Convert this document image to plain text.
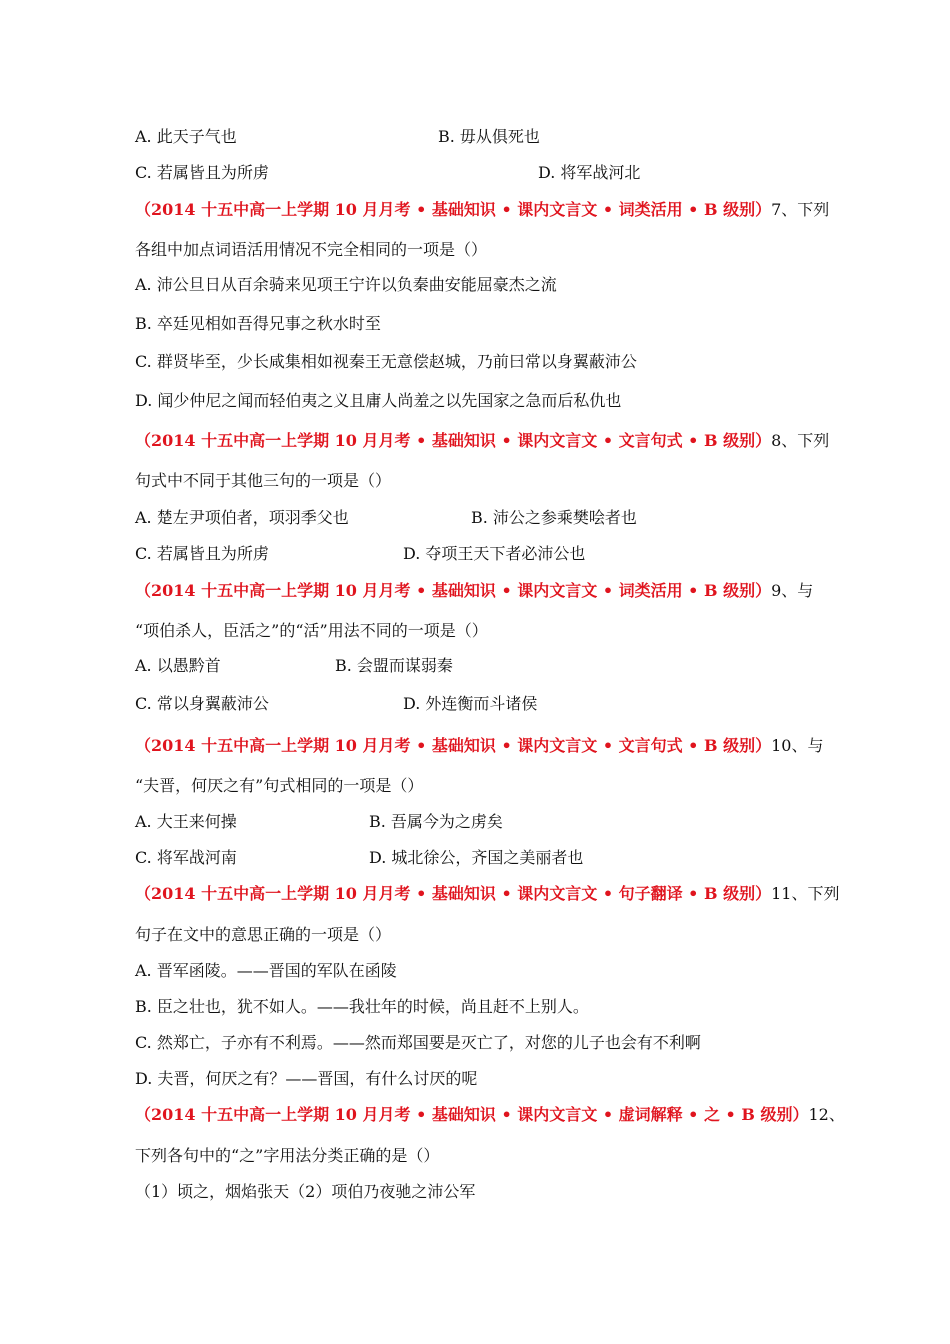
A. 此天子气也	B. 毋从俱死也
C. 若属皆且为所虏	D. 将军战河北
（2014 十五中高一上学期 10 月月考 • 基础知识 • 课内文言文 • 词类活用 • B 级别）7、下列
各组中加点词语活用情况不完全相同的一项是（）
A. 沛公旦日从百余骑来见项王宁许以负秦曲安能屈豪杰之流
B. 卒廷见相如吾得兄事之秋水时至
C. 群贤毕至，少长咸集相如视秦王无意偿赵城，乃前曰常以身翼蔽沛公
D. 闻少仲尼之闻而轻伯夷之义且庸人尚羞之以先国家之急而后私仇也
（2014 十五中高一上学期 10 月月考 • 基础知识 • 课内文言文 • 文言句式 • B 级别）8、下列
句式中不同于其他三句的一项是（）
A. 楚左尹项伯者，项羽季父也	B. 沛公之参乘樊哙者也
C. 若属皆且为所虏	D. 夺项王天下者必沛公也
（2014 十五中高一上学期 10 月月考 • 基础知识 • 课内文言文 • 词类活用 • B 级别）9、与
“项伯杀人，臣活之”的“活”用法不同的一项是（）
A. 以愚黔首	B. 会盟而谋弱秦
C. 常以身翼蔽沛公	D. 外连衡而斗诸侯
（2014 十五中高一上学期 10 月月考 • 基础知识 • 课内文言文 • 文言句式 • B 级别）10、与
“夫晋，何厌之有”句式相同的一项是（）
A. 大王来何操	B. 吾属今为之虏矣
C. 将军战河南	D. 城北徐公，齐国之美丽者也
（2014 十五中高一上学期 10 月月考 • 基础知识 • 课内文言文 • 句子翻译 • B 级别）11、下列
句子在文中的意思正确的一项是（）
A. 晋军函陵。——晋国的军队在函陵
B. 臣之壮也，犹不如人。——我壮年的时候，尚且赶不上别人。
C. 然郑亡，子亦有不利焉。——然而郑国要是灭亡了，对您的儿子也会有不利啊
D. 夫晋，何厌之有？——晋国，有什么讨厌的呢
（2014 十五中高一上学期 10 月月考 • 基础知识 • 课内文言文 • 虚词解释 • 之 • B 级别）12、
下列各句中的“之”字用法分类正确的是（）
（1）顷之，烟焰张天（2）项伯乃夜驰之沛公军
